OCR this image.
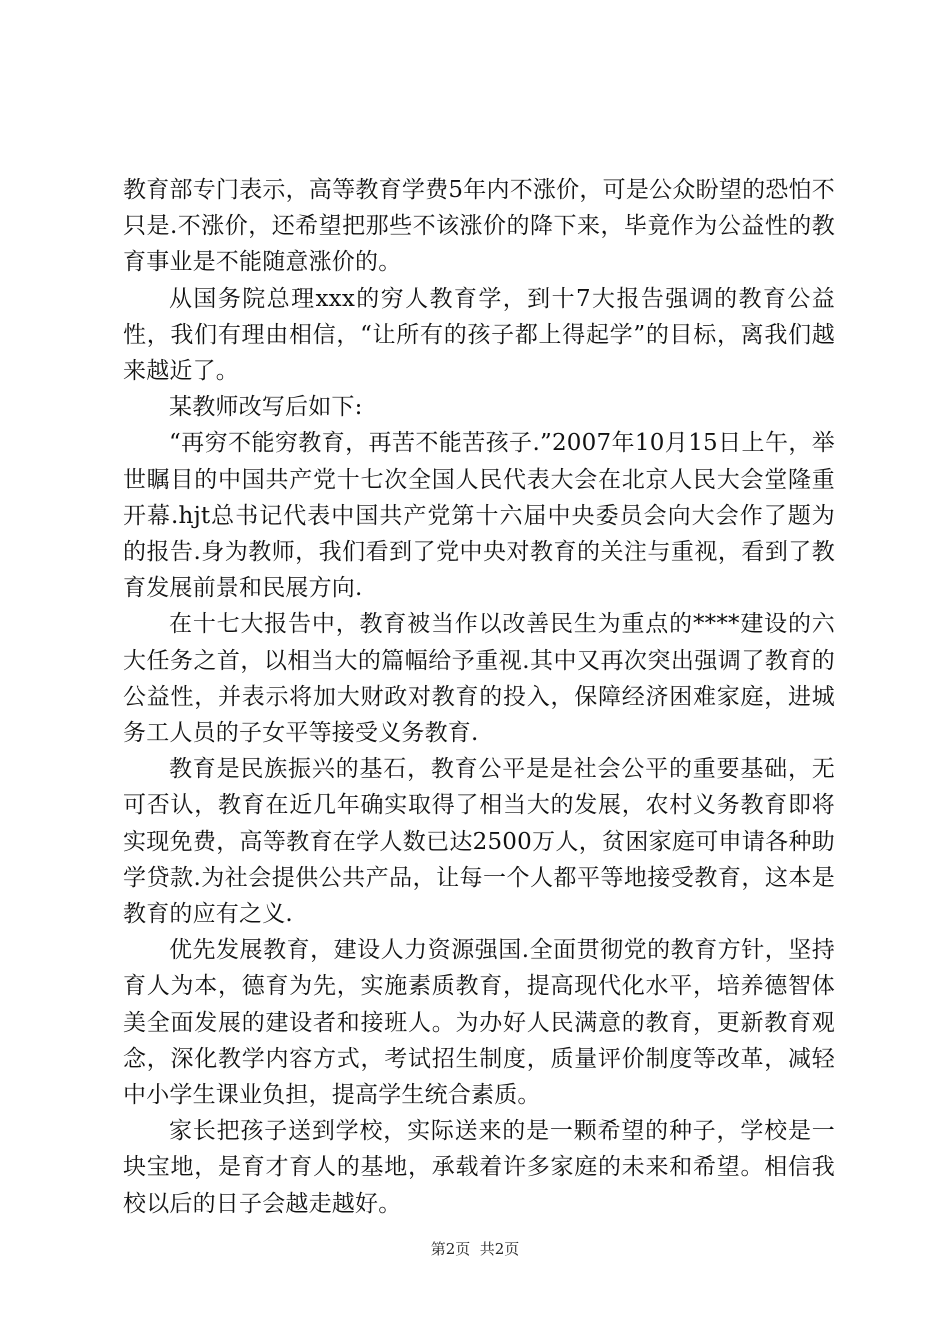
教育部专门表示，高等教育学费5年内不涨价，可是公众盼望的恐怕不只是.不涨价，还希望把那些不该涨价的降下来，毕竟作为公益性的教育事业是不能随意涨价的。

从国务院总理xxx的穷人教育学，到十7大报告强调的教育公益性，我们有理由相信，“让所有的孩子都上得起学”的目标，离我们越来越近了。

某教师改写后如下:

“再穷不能穷教育，再苦不能苦孩子.”2007年10月15日上午，举世瞩目的中国共产党十七次全国人民代表大会在北京人民大会堂隆重开幕.hjt总书记代表中国共产党第十六届中央委员会向大会作了题为的报告.身为教师，我们看到了党中央对教育的关注与重视，看到了教育发展前景和民展方向.

在十七大报告中，教育被当作以改善民生为重点的****建设的六大任务之首，以相当大的篇幅给予重视.其中又再次突出强调了教育的公益性，并表示将加大财政对教育的投入，保障经济困难家庭，进城务工人员的子女平等接受义务教育.

教育是民族振兴的基石，教育公平是是社会公平的重要基础，无可否认，教育在近几年确实取得了相当大的发展，农村义务教育即将实现免费，高等教育在学人数已达2500万人，贫困家庭可申请各种助学贷款.为社会提供公共产品，让每一个人都平等地接受教育，这本是教育的应有之义.

优先发展教育，建设人力资源强国.全面贯彻党的教育方针，坚持育人为本，德育为先，实施素质教育，提高现代化水平，培养德智体美全面发展的建设者和接班人。为办好人民满意的教育，更新教育观念，深化教学内容方式，考试招生制度，质量评价制度等改革，减轻中小学生课业负担，提高学生统合素质。

家长把孩子送到学校，实际送来的是一颗希望的种子，学校是一块宝地，是育才育人的基地，承载着许多家庭的未来和希望。相信我校以后的日子会越走越好。

第2页  共2页
